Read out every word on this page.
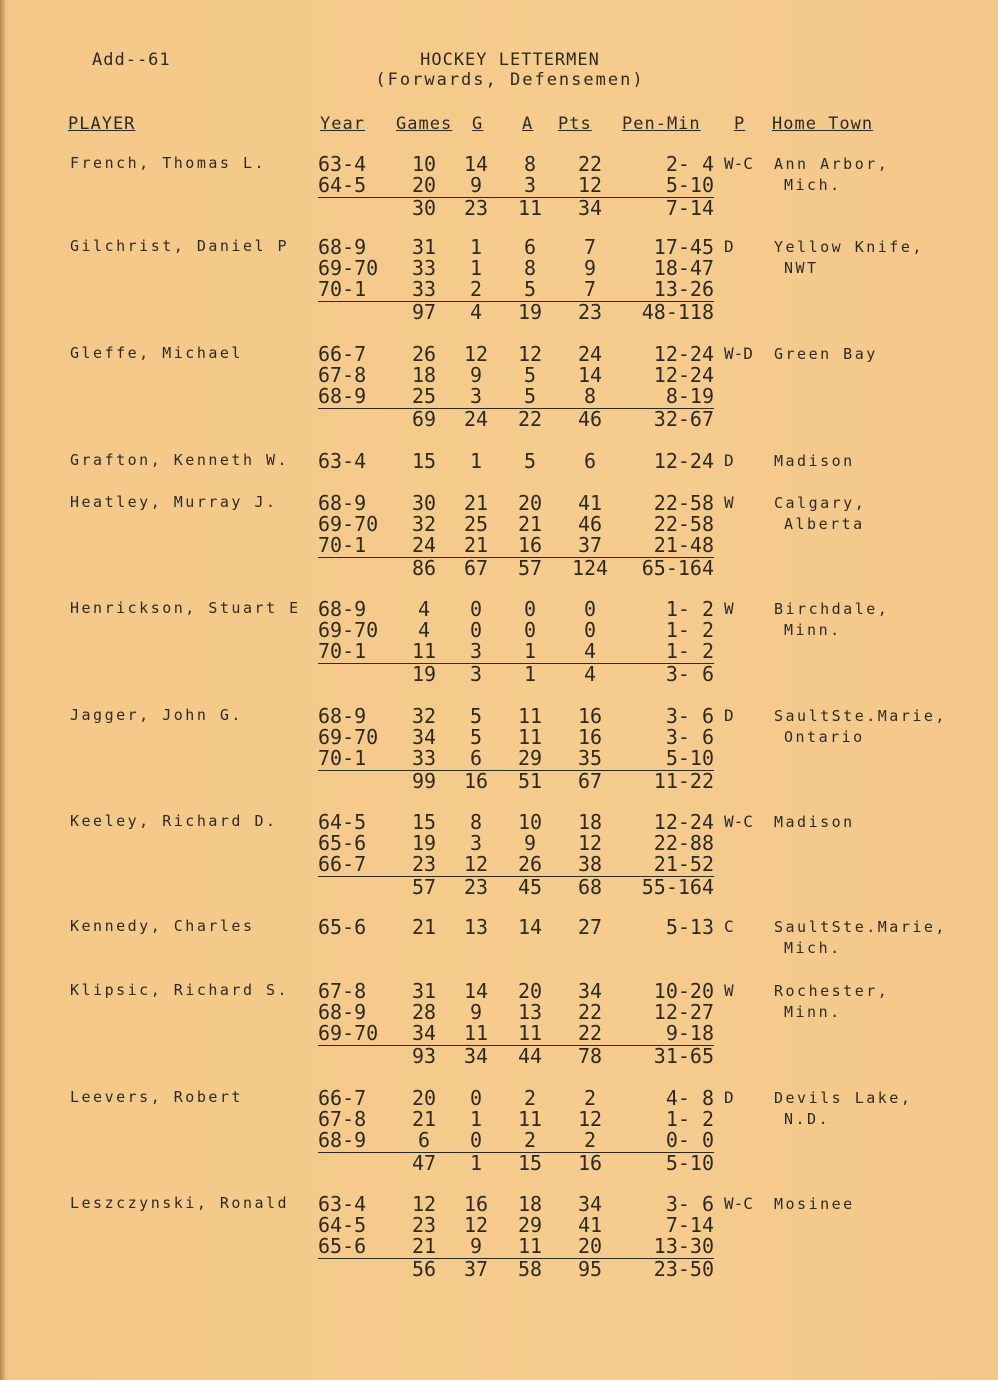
Add--61	HOCKEY LETTERMEN
(Forwards, Defensemen)
PLAYER	Year Games G A Pts Pen-Min P Home Town
French, Thomas L.	W-C Ann Arbor,
Mich.
63-4	10	14	8	22	2- 4
64-5	20	9	3	12	5-10
30	23	11	34	7-14
Gilchrist, Daniel P	D	Yellow Knife,
NWT
68-9	31	1	6	7	17-45
69-70	33	1	8	9	18-47
70-1	33	2	5	7	13-26
97	4	19	23	48-118
Gleffe, Michael	W-D Green Bay
66-7	26	12	12	24	12-24
67-8	18	9	5	14	12-24
68-9	25	3	5	8	8-19
69	24	22	46	32-67
Grafton, Kenneth W.	D	Madison
63-4	15	1	5	6	12-24
Heatley, Murray J.	W	Calgary,
Alberta
68-9	30	21	20	41	22-58
69-70	32	25	21	46	22-58
70-1	24	21	16	37	21-48
86	67	57	124	65-164
Henrickson, Stuart E	W	Birchdale,
Minn.
68-9	4	0	0	0	1- 2
69-70	4	0	0	0	1- 2
70-1	11	3	1	4	1- 2
19	3	1	4	3- 6
Jagger, John G.	D	SaultSte.Marie,
Ontario
68-9	32	5	11	16	3- 6
69-70	34	5	11	16	3- 6
70-1	33	6	29	35	5-10
99	16	51	67	11-22
Keeley, Richard D.	W-C Madison
64-5	15	8	10	18	12-24
65-6	19	3	9	12	22-88
66-7	23	12	26	38	21-52
57	23	45	68	55-164
Kennedy, Charles	C	SaultSte.Marie,
Mich.
65-6	21	13	14	27	5-13
Klipsic, Richard S.	W	Rochester,
Minn.
67-8	31	14	20	34	10-20
68-9	28	9	13	22	12-27
69-70	34	11	11	22	9-18
93	34	44	78	31-65
Leevers, Robert	D	Devils Lake,
N.D.
66-7	20	0	2	2	4- 8
67-8	21	1	11	12	1- 2
68-9	6	0	2	2	0- 0
47	1	15	16	5-10
Leszczynski, Ronald	W-C Mosinee
63-4	12	16	18	34	3- 6
64-5	23	12	29	41	7-14
65-6	21	9	11	20	13-30
56	37	58	95	23-50
